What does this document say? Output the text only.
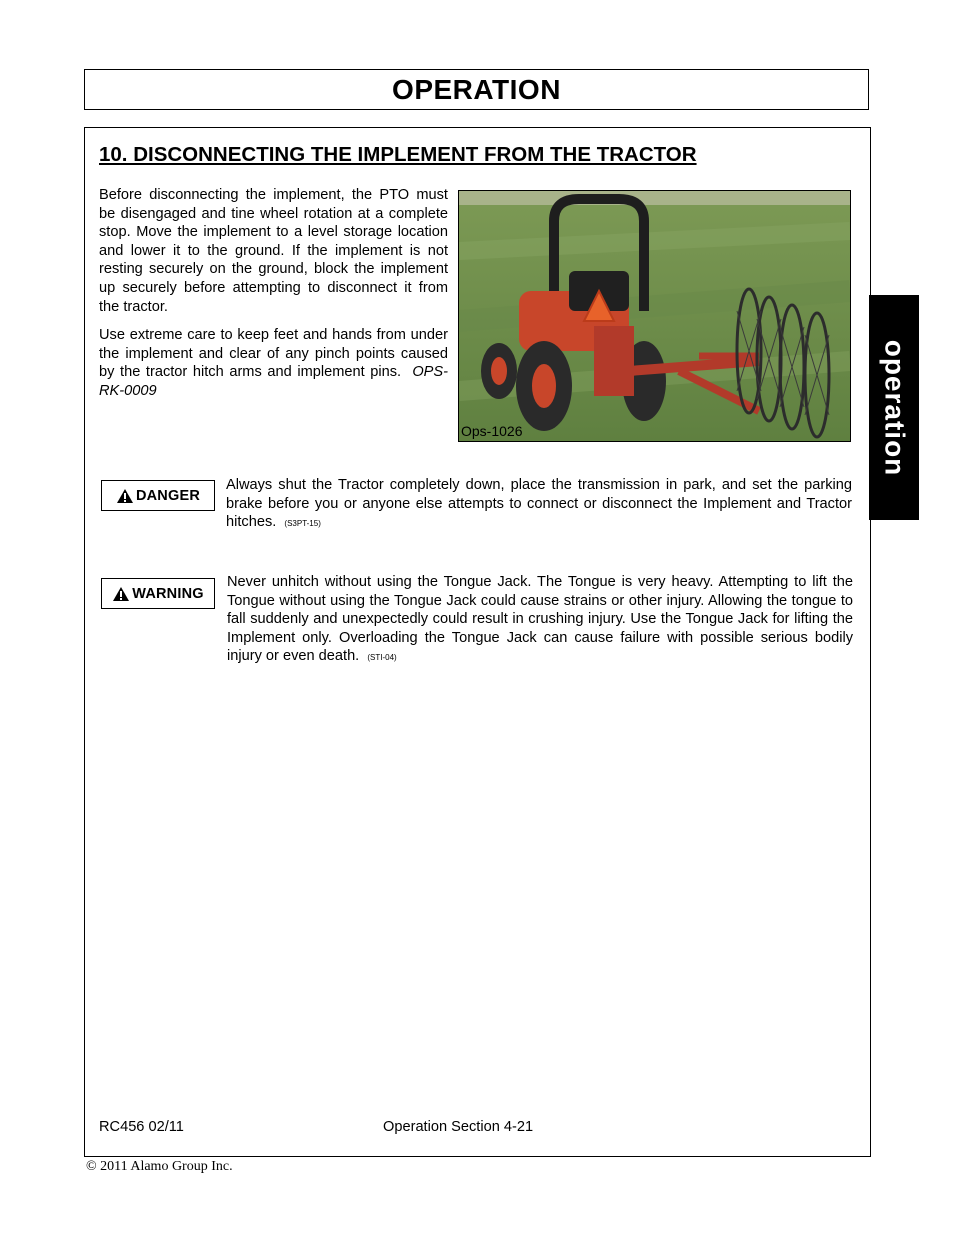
OPERATION
operation
10. DISCONNECTING THE IMPLEMENT FROM THE TRACTOR

Before disconnecting the implement, the PTO must be disengaged and tine wheel rotation at a complete stop. Move the implement to a level storage location and lower it to the ground. If the implement is not resting securely on the ground, block the implement up securely before attempting to disconnect it from the tractor.

Use extreme care to keep feet and hands from under the implement and clear of any pinch points caused by the tractor hitch arms and implement pins. OPS-RK-0009

Ops-1026
DANGER

Always shut the Tractor completely down, place the transmission in park, and set the parking brake before you or anyone else attempts to connect or disconnect the Implement and Tractor hitches. (S3PT-15)

WARNING

Never unhitch without using the Tongue Jack. The Tongue is very heavy. Attempting to lift the Tongue without using the Tongue Jack could cause strains or other injury. Allowing the tongue to fall suddenly and unexpectedly could result in crushing injury. Use the Tongue Jack for lifting the Implement only. Overloading the Tongue Jack can cause failure with possible serious bodily injury or even death. (STI-04)

RC456 02/11	Operation Section 4-21
© 2011 Alamo Group Inc.
